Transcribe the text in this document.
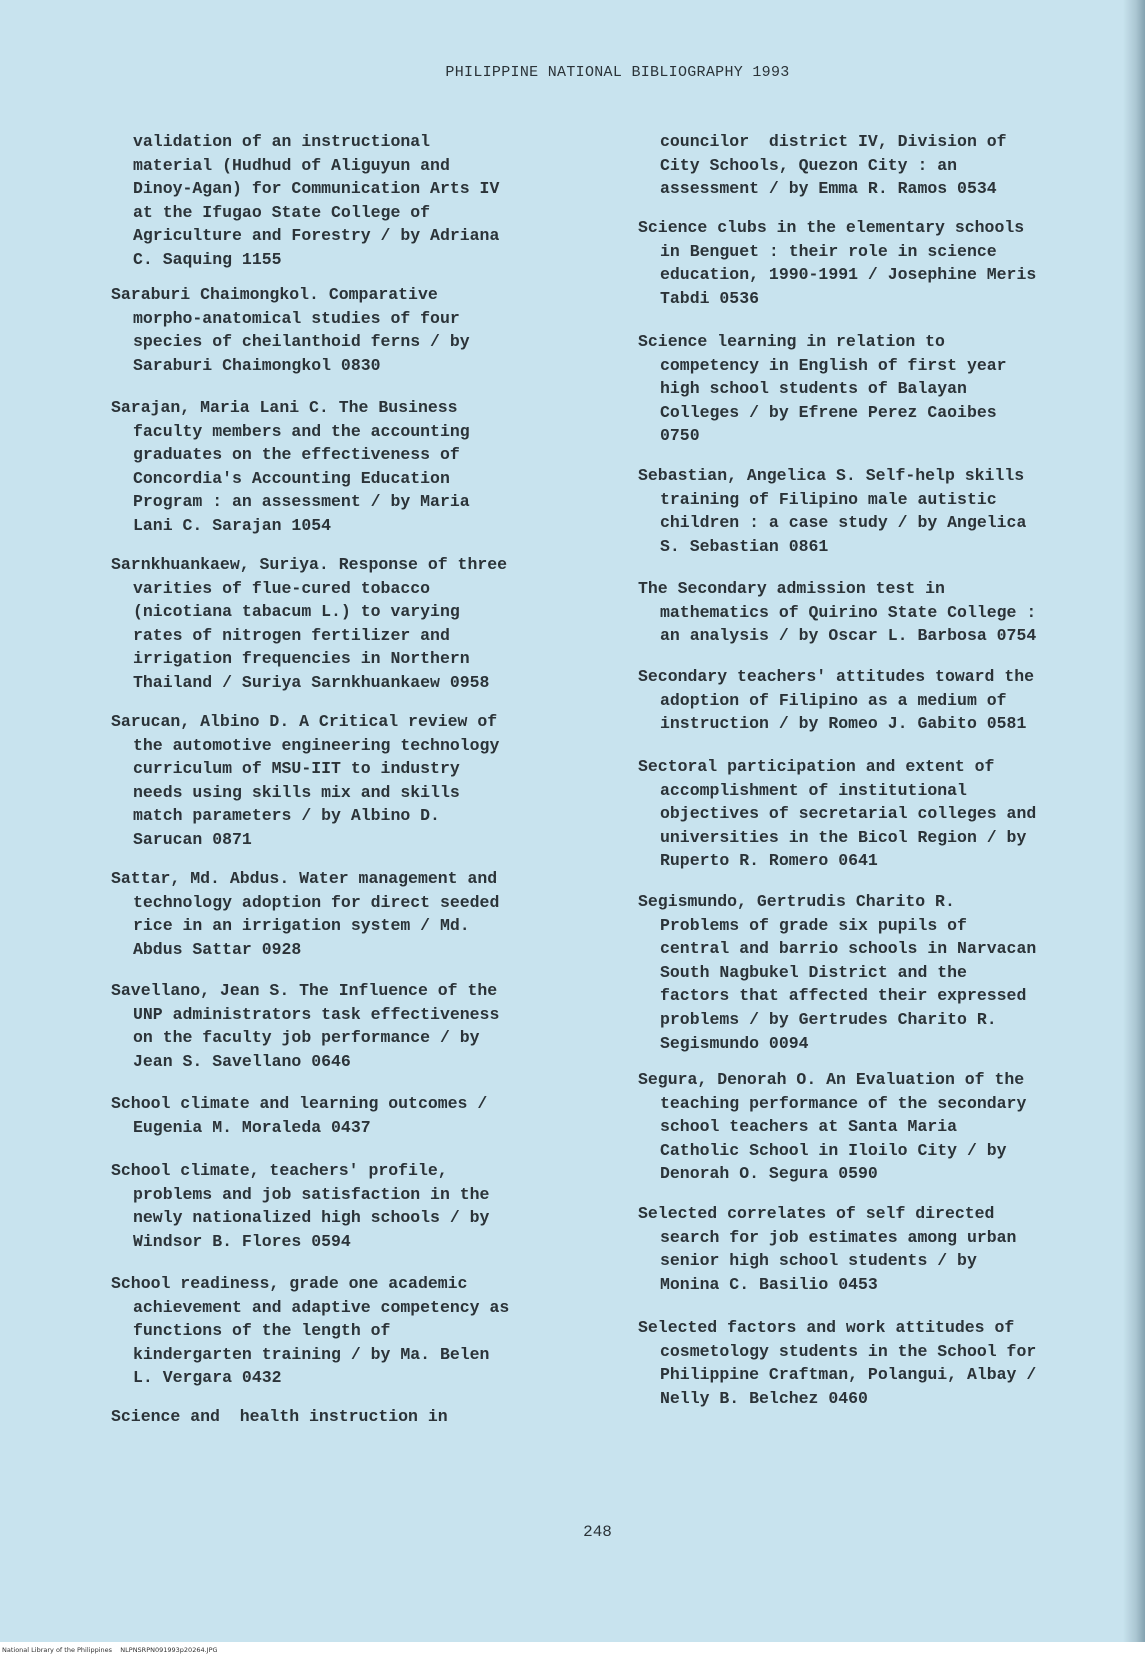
PHILIPPINE NATIONAL BIBLIOGRAPHY 1993
validation of an instructional
material (Hudhud of Aliguyun and
Dinoy-Agan) for Communication Arts IV
at the Ifugao State College of
Agriculture and Forestry / by Adriana
C. Saquing 1155
Saraburi Chaimongkol. Comparative
morpho-anatomical studies of four
species of cheilanthoid ferns / by
Saraburi Chaimongkol 0830
Sarajan, Maria Lani C. The Business
faculty members and the accounting
graduates on the effectiveness of
Concordia's Accounting Education
Program : an assessment / by Maria
Lani C. Sarajan 1054
Sarnkhuankaew, Suriya. Response of three
varities of flue-cured tobacco
(nicotiana tabacum L.) to varying
rates of nitrogen fertilizer and
irrigation frequencies in Northern
Thailand / Suriya Sarnkhuankaew 0958
Sarucan, Albino D. A Critical review of
the automotive engineering technology
curriculum of MSU-IIT to industry
needs using skills mix and skills
match parameters / by Albino D.
Sarucan 0871
Sattar, Md. Abdus. Water management and
technology adoption for direct seeded
rice in an irrigation system / Md.
Abdus Sattar 0928
Savellano, Jean S. The Influence of the
UNP administrators task effectiveness
on the faculty job performance / by
Jean S. Savellano 0646
School climate and learning outcomes /
Eugenia M. Moraleda 0437
School climate, teachers' profile,
problems and job satisfaction in the
newly nationalized high schools / by
Windsor B. Flores 0594
School readiness, grade one academic
achievement and adaptive competency as
functions of the length of
kindergarten training / by Ma. Belen
L. Vergara 0432
Science and  health instruction in
councilor  district IV, Division of
City Schools, Quezon City : an
assessment / by Emma R. Ramos 0534
Science clubs in the elementary schools
in Benguet : their role in science
education, 1990-1991 / Josephine Meris
Tabdi 0536
Science learning in relation to
competency in English of first year
high school students of Balayan
Colleges / by Efrene Perez Caoibes
0750
Sebastian, Angelica S. Self-help skills
training of Filipino male autistic
children : a case study / by Angelica
S. Sebastian 0861
The Secondary admission test in
mathematics of Quirino State College :
an analysis / by Oscar L. Barbosa 0754
Secondary teachers' attitudes toward the
adoption of Filipino as a medium of
instruction / by Romeo J. Gabito 0581
Sectoral participation and extent of
accomplishment of institutional
objectives of secretarial colleges and
universities in the Bicol Region / by
Ruperto R. Romero 0641
Segismundo, Gertrudis Charito R.
Problems of grade six pupils of
central and barrio schools in Narvacan
South Nagbukel District and the
factors that affected their expressed
problems / by Gertrudes Charito R.
Segismundo 0094
Segura, Denorah O. An Evaluation of the
teaching performance of the secondary
school teachers at Santa Maria
Catholic School in Iloilo City / by
Denorah O. Segura 0590
Selected correlates of self directed
search for job estimates among urban
senior high school students / by
Monina C. Basilio 0453
Selected factors and work attitudes of
cosmetology students in the School for
Philippine Craftman, Polangui, Albay /
Nelly B. Belchez 0460
248
National Library of the Philippines    NLPNSRPN091993p20264.JPG
